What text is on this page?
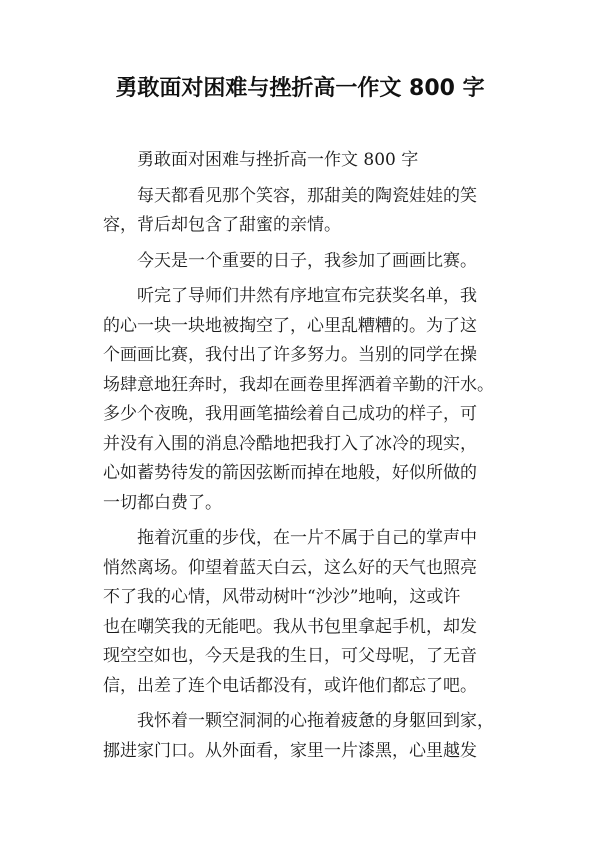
勇敢面对困难与挫折高一作文 800 字
勇敢面对困难与挫折高一作文 800 字
每天都看见那个笑容，那甜美的陶瓷娃娃的笑
容，背后却包含了甜蜜的亲情。
今天是一个重要的日子，我参加了画画比赛。
听完了导师们井然有序地宣布完获奖名单，我
的心一块一块地被掏空了，心里乱糟糟的。为了这
个画画比赛，我付出了许多努力。当别的同学在操
场肆意地狂奔时，我却在画卷里挥洒着辛勤的汗水。
多少个夜晚，我用画笔描绘着自己成功的样子，可
并没有入围的消息冷酷地把我打入了冰冷的现实，
心如蓄势待发的箭因弦断而掉在地般，好似所做的
一切都白费了。
拖着沉重的步伐，在一片不属于自己的掌声中
悄然离场。仰望着蓝天白云，这么好的天气也照亮
不了我的心情，风带动树叶“沙沙”地响，这或许
也在嘲笑我的无能吧。我从书包里拿起手机，却发
现空空如也，今天是我的生日，可父母呢，了无音
信，出差了连个电话都没有，或许他们都忘了吧。
我怀着一颗空洞洞的心拖着疲惫的身躯回到家，
挪进家门口。从外面看，家里一片漆黑，心里越发
